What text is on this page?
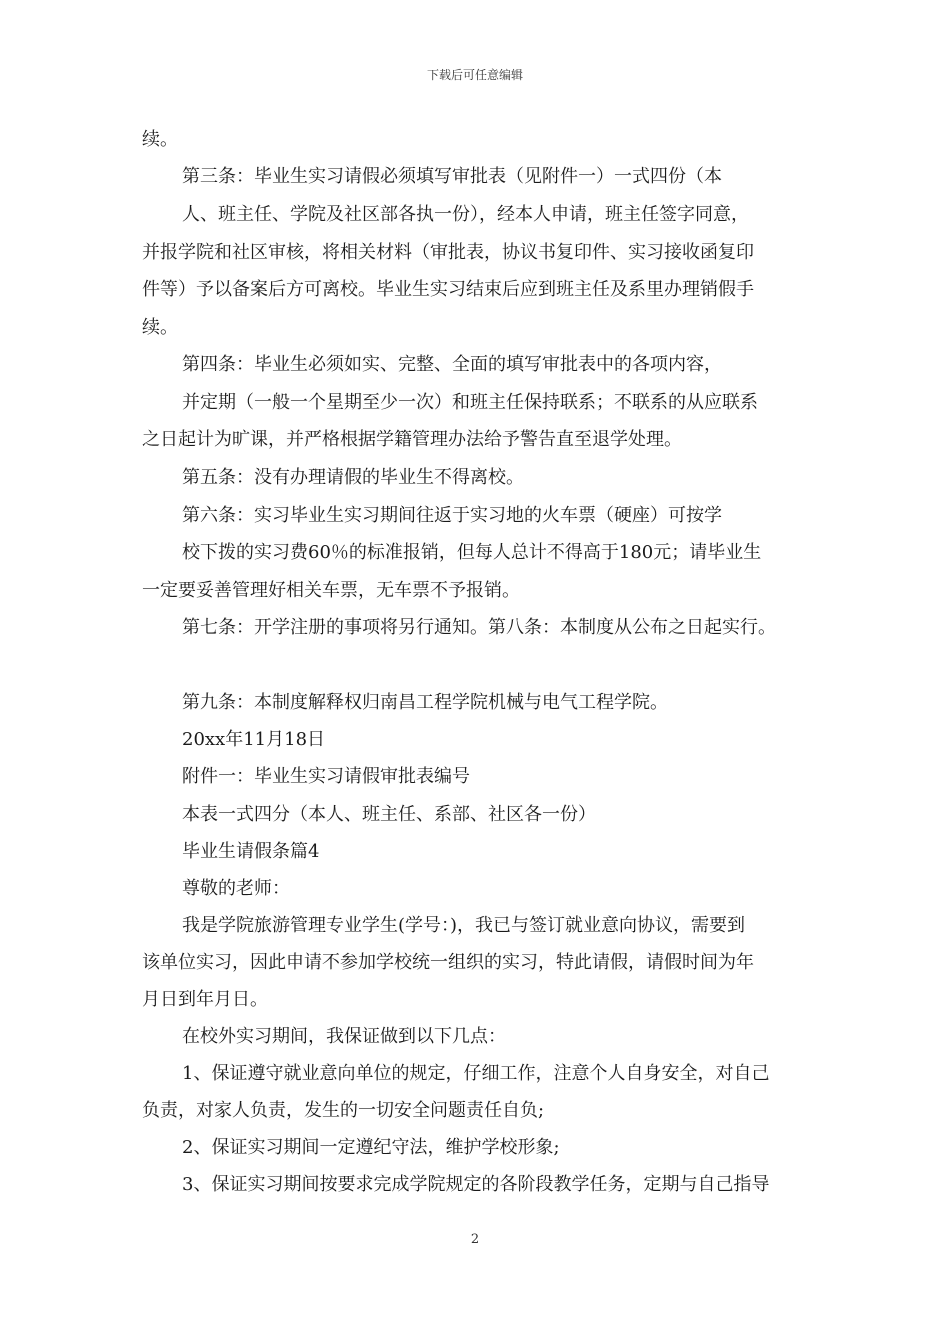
下载后可任意编辑
续。
第三条：毕业生实习请假必须填写审批表（见附件一）一式四份（本
人、班主任、学院及社区部各执一份），经本人申请，班主任签字同意，
并报学院和社区审核，将相关材料（审批表，协议书复印件、实习接收函复印
件等）予以备案后方可离校。毕业生实习结束后应到班主任及系里办理销假手
续。
第四条：毕业生必须如实、完整、全面的填写审批表中的各项内容，
并定期（一般一个星期至少一次）和班主任保持联系；不联系的从应联系
之日起计为旷课，并严格根据学籍管理办法给予警告直至退学处理。
第五条：没有办理请假的毕业生不得离校。
第六条：实习毕业生实习期间往返于实习地的火车票（硬座）可按学
校下拨的实习费60％的标准报销，但每人总计不得高于180元；请毕业生
一定要妥善管理好相关车票，无车票不予报销。
第七条：开学注册的事项将另行通知。第八条：本制度从公布之日起实行。
第九条：本制度解释权归南昌工程学院机械与电气工程学院。
20xx年11月18日
附件一：毕业生实习请假审批表编号
本表一式四分（本人、班主任、系部、社区各一份）
毕业生请假条篇4
尊敬的老师：
我是学院旅游管理专业学生(学号：)，我已与签订就业意向协议，需要到
该单位实习，因此申请不参加学校统一组织的实习，特此请假，请假时间为年
月日到年月日。
在校外实习期间，我保证做到以下几点：
1、保证遵守就业意向单位的规定，仔细工作，注意个人自身安全，对自己
负责，对家人负责，发生的一切安全问题责任自负;
2、保证实习期间一定遵纪守法，维护学校形象;
3、保证实习期间按要求完成学院规定的各阶段教学任务，定期与自己指导
2
